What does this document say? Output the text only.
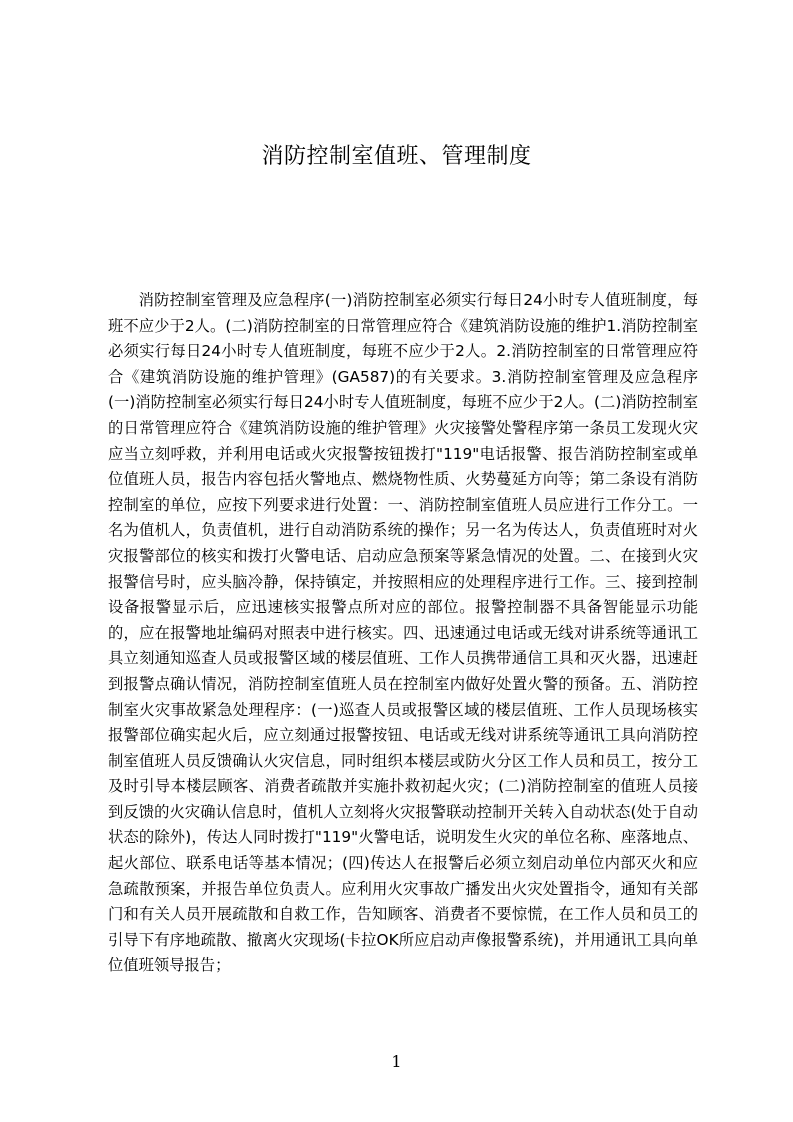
消防控制室值班、管理制度

消防控制室管理及应急程序(一)消防控制室必须实行每日24小时专人值班制度，每班不应少于2人。(二)消防控制室的日常管理应符合《建筑消防设施的维护1.消防控制室必须实行每日24小时专人值班制度，每班不应少于2人。2.消防控制室的日常管理应符合《建筑消防设施的维护管理》(GA587)的有关要求。3.消防控制室管理及应急程序(一)消防控制室必须实行每日24小时专人值班制度，每班不应少于2人。(二)消防控制室的日常管理应符合《建筑消防设施的维护管理》火灾接警处警程序第一条员工发现火灾应当立刻呼救，并利用电话或火灾报警按钮拨打"119"电话报警、报告消防控制室或单位值班人员，报告内容包括火警地点、燃烧物性质、火势蔓延方向等；第二条设有消防控制室的单位，应按下列要求进行处置：一、消防控制室值班人员应进行工作分工。一名为值机人，负责值机，进行自动消防系统的操作；另一名为传达人，负责值班时对火灾报警部位的核实和拨打火警电话、启动应急预案等紧急情况的处置。二、在接到火灾报警信号时，应头脑冷静，保持镇定，并按照相应的处理程序进行工作。三、接到控制设备报警显示后，应迅速核实报警点所对应的部位。报警控制器不具备智能显示功能的，应在报警地址编码对照表中进行核实。四、迅速通过电话或无线对讲系统等通讯工具立刻通知巡查人员或报警区域的楼层值班、工作人员携带通信工具和灭火器，迅速赶到报警点确认情况，消防控制室值班人员在控制室内做好处置火警的预备。五、消防控制室火灾事故紧急处理程序：(一)巡查人员或报警区域的楼层值班、工作人员现场核实报警部位确实起火后，应立刻通过报警按钮、电话或无线对讲系统等通讯工具向消防控制室值班人员反馈确认火灾信息，同时组织本楼层或防火分区工作人员和员工，按分工及时引导本楼层顾客、消费者疏散并实施扑救初起火灾；(二)消防控制室的值班人员接到反馈的火灾确认信息时，值机人立刻将火灾报警联动控制开关转入自动状态(处于自动状态的除外)，传达人同时拨打"119"火警电话，说明发生火灾的单位名称、座落地点、起火部位、联系电话等基本情况；(四)传达人在报警后必须立刻启动单位内部灭火和应急疏散预案，并报告单位负责人。应利用火灾事故广播发出火灾处置指令，通知有关部门和有关人员开展疏散和自救工作，告知顾客、消费者不要惊慌，在工作人员和员工的引导下有序地疏散、撤离火灾现场(卡拉OK所应启动声像报警系统)，并用通讯工具向单位值班领导报告；

1
